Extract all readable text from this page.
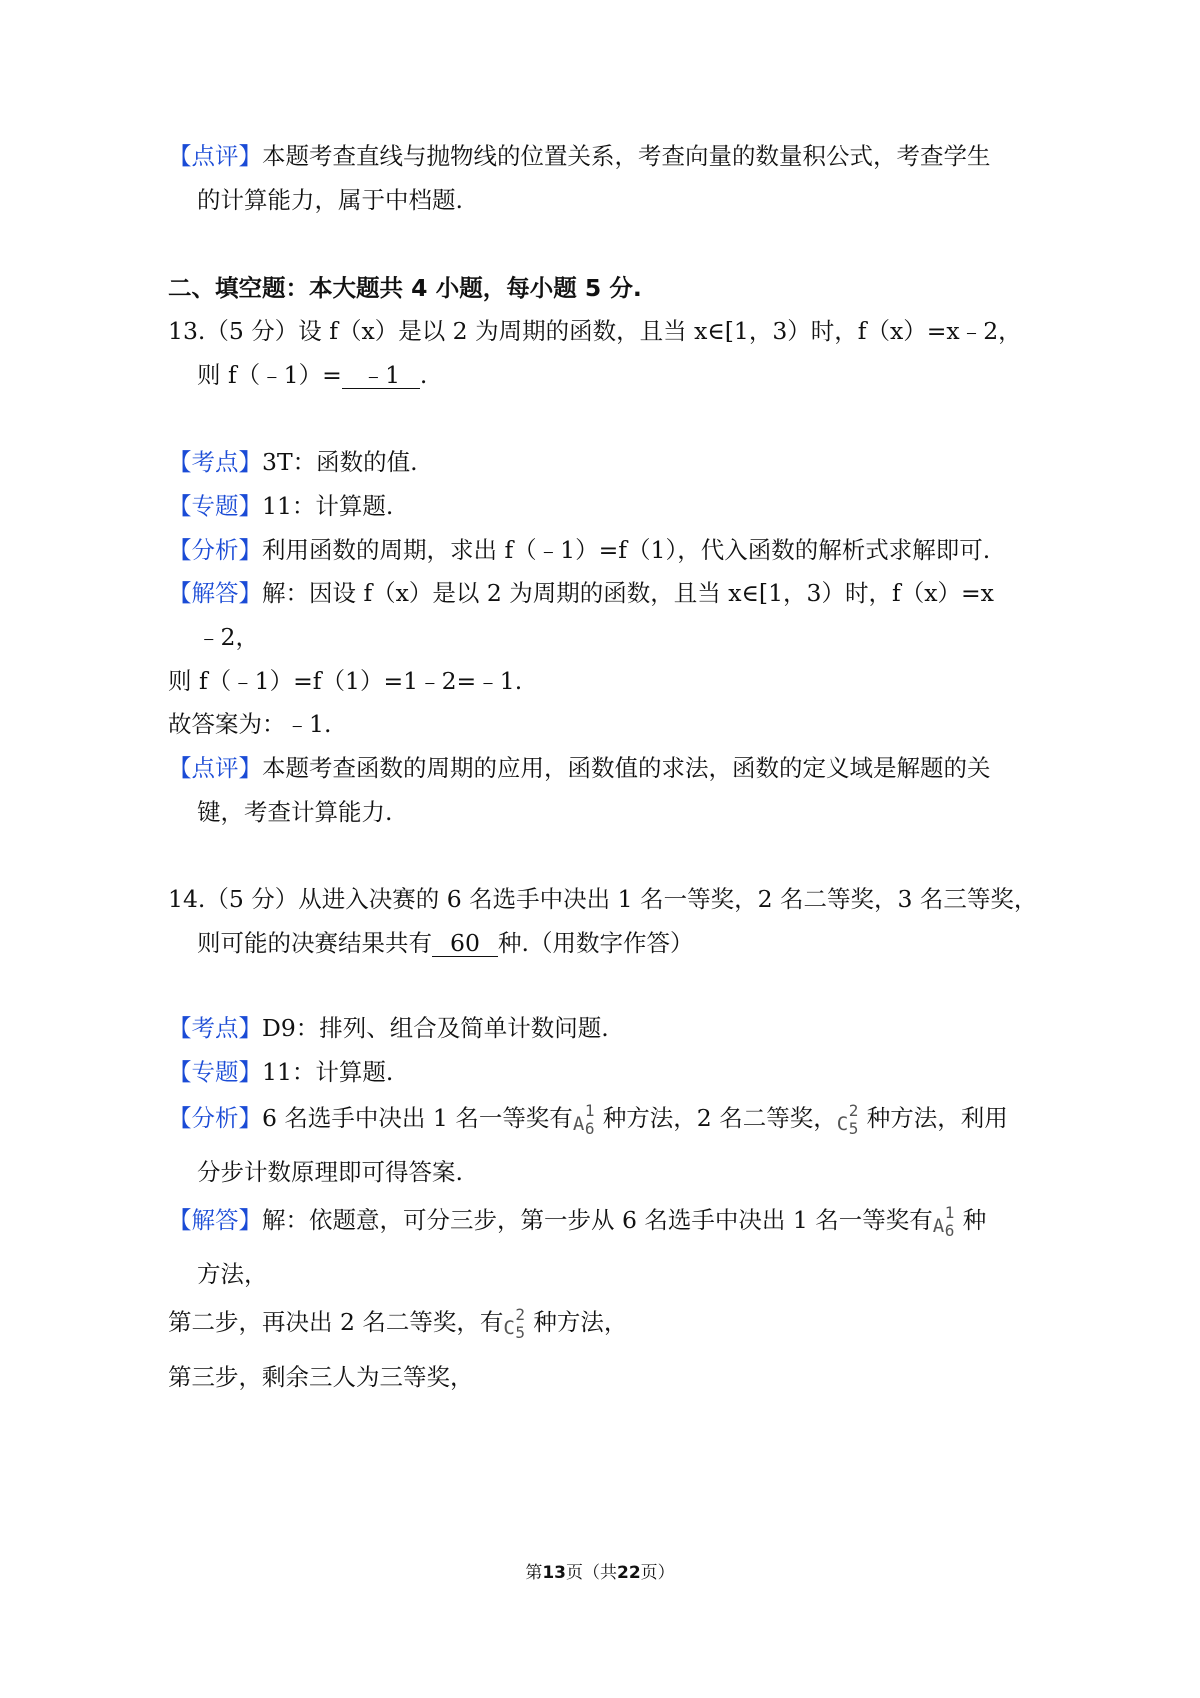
【点评】本题考查直线与抛物线的位置关系，考查向量的数量积公式，考查学生
的计算能力，属于中档题.
二、填空题：本大题共 4 小题，每小题 5 分.
13.（5 分）设 f（x）是以 2 为周期的函数，且当 x∈[1，3）时，f（x）=x﹣2，
则 f（﹣1）= ﹣1 .
【考点】3T：函数的值.
【专题】11：计算题.
【分析】利用函数的周期，求出 f（﹣1）=f（1），代入函数的解析式求解即可.
【解答】解：因设 f（x）是以 2 为周期的函数，且当 x∈[1，3）时，f（x）=x
﹣2，
则 f（﹣1）=f（1）=1﹣2=﹣1.
故答案为：﹣1.
【点评】本题考查函数的周期的应用，函数值的求法，函数的定义域是解题的关
键，考查计算能力.
14.（5 分）从进入决赛的 6 名选手中决出 1 名一等奖，2 名二等奖，3 名三等奖，
则可能的决赛结果共有 60 种.（用数字作答）
【考点】D9：排列、组合及简单计数问题.
【专题】11：计算题.
【分析】6 名选手中决出 1 名一等奖有 A
1
6 种方法，2 名二等奖， C
2
5 种方法，利用
分步计数原理即可得答案.
【解答】解：依题意，可分三步，第一步从 6 名选手中决出 1 名一等奖有 A
1
6 种
方法，
第二步，再决出 2 名二等奖，有 C
2
5 种方法，
第三步，剩余三人为三等奖，
第13页（共22页）
